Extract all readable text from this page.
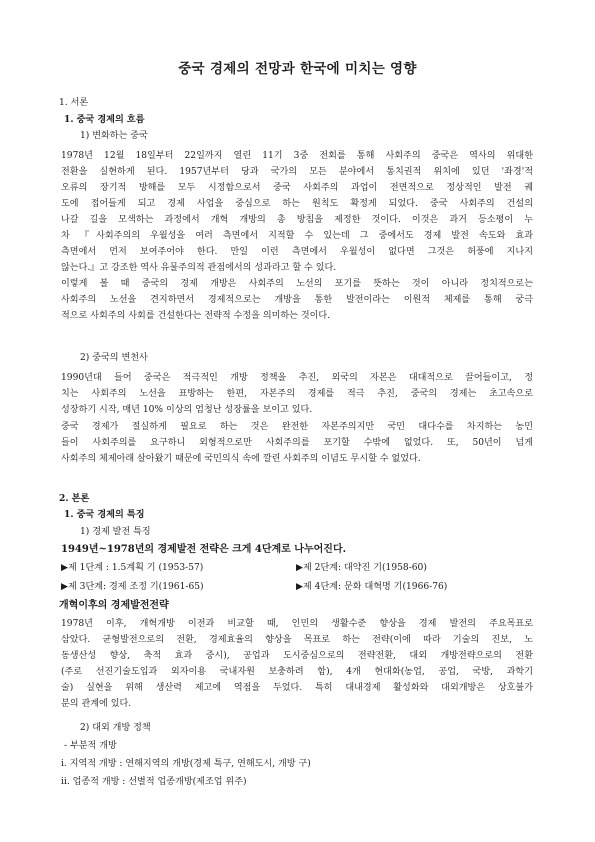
중국 경제의 전망과 한국에 미치는 영향
1. 서론
1. 중국 경제의 흐름
1) 변화하는 중국
1978년 12월 18일부터 22일까지 열린 11기 3중 전회를 통해 사회주의 중국은 역사의 위대한
전환을 실현하게 된다. 1957년부터 당과 국가의 모든 분야에서 통치권적 위치에 있던 '좌경'적
오류의 장기적 방해를 모두 시정함으로서 중국 사회주의 과업이 전면적으로 정상적인 발전 궤
도에 접어들게 되고 경제 사업을 중심으로 하는 원칙도 확정게 되었다. 중국 사회주의 건설의
나갈 길을 모색하는 과정에서 개혁 개방의 총 방침을 제정한 것이다. 이것은 과거 등소평이 누
차 『사회주의의 우월성을 여러 측면에서 지적할 수 있는데 그 중에서도 경제 발전 속도와 효과
측면에서 먼저 보여주어야 한다. 만일 이런 측면에서 우월성이 없다면 그것은 허풍에 지나지
않는다.』고 강조한 역사 유물주의적 관점에서의 성과라고 할 수 있다.
이렇게 볼 때 중국의 경제 개방은 사회주의 노선의 포기를 뜻하는 것이 아니라 정치적으로는
사회주의 노선을 견지하면서 경제적으로는 개방을 통한 발전이라는 이원적 체제를 통해 궁극
적으로 사회주의 사회를 건설한다는 전략적 수정을 의미하는 것이다.
2) 중국의 변천사
1990년대 들어 중국은 적극적인 개방 정책을 추진, 외국의 자본은 대대적으로 끌어들이고, 정
치는 사회주의 노선을 표방하는 한편, 자본주의 경제를 적극 추진, 중국의 경제는 초고속으로
성장하기 시작, 매년 10% 이상의 엄청난 성장률을 보이고 있다.
중국 경제가 절실하게 필요로 하는 것은 완전한 자본주의지만 국민 대다수를 차지하는 농민
들이 사회주의를 요구하니 외형적으로만 사회주의를 포기할 수밖에 없었다. 또, 50년이 넘게
사회주의 체제아래 살아왔기 때문에 국민의식 속에 깔린 사회주의 이념도 무시할 수 없었다.
2. 본론
1. 중국 경제의 특징
1) 경제 발전 특징
1949년~1978년의 경제발전 전략은 크게 4단계로 나누어진다.
▶제 1단계 : 1.5계획 기 (1953-57)	▶제 2단계: 대약진 기(1958-60)
▶제 3단계: 경제 조정 기(1961-65)	▶제 4단계: 문화 대혁명 기(1966-76)
개혁이후의 경제발전전략
1978년 이후, 개혁개방 이전과 비교할 때, 인민의 생활수준 향상을 경제 발전의 주요목표로
삼았다. 균형발전으로의 전환, 경제효율의 향상을 목표로 하는 전략(이에 따라 기술의 진보, 노
동생산성 향상, 축적 효과 중시), 공업과 도시중심으로의 전략전환, 대외 개방전략으로의 전환
(주로 선진기술도입과 외자이용 국내자원 보충하려 함), 4개 현대화(농업, 공업, 국방, 과학기
술) 실현을 위해 생산력 제고에 역점을 두었다. 특히 대내경제 활성화와 대외개방은 상호불가
분의 관계에 있다.
2) 대외 개방 정책
- 부분적 개방
ⅰ. 지역적 개방 : 연해지역의 개방(경제 특구, 연해도시, 개방 구)
ⅱ. 업종적 개방 : 선별적 업종개방(제조업 위주)
